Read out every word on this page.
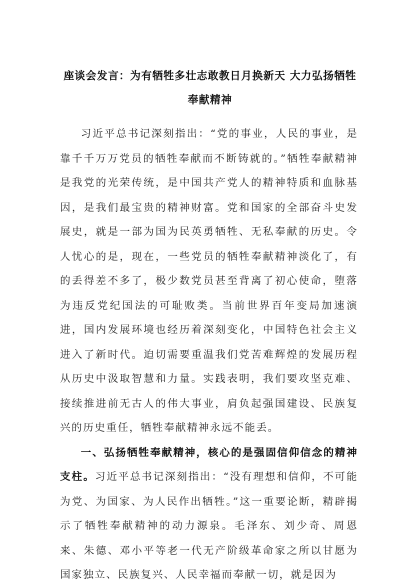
座谈会发言：为有牺牲多壮志敢教日月换新天 大力弘扬牺牲奉献精神

习近平总书记深刻指出：“党的事业，人民的事业，是靠千千万万党员的牺牲奉献而不断铸就的。”牺牲奉献精神是我党的光荣传统，是中国共产党人的精神特质和血脉基因，是我们最宝贵的精神财富。党和国家的全部奋斗史发展史，就是一部为国为民英勇牺牲、无私奉献的历史。令人忧心的是，现在，一些党员的牺牲奉献精神淡化了，有的丢得差不多了，极少数党员甚至背离了初心使命，堕落为违反党纪国法的可耻败类。当前世界百年变局加速演进，国内发展环境也经历着深刻变化，中国特色社会主义进入了新时代。迫切需要重温我们党苦难辉煌的发展历程从历史中汲取智慧和力量。实践表明，我们要攻坚克难、接续推进前无古人的伟大事业，肩负起强国建设、民族复兴的历史重任，牺牲奉献精神永远不能丢。

一、弘扬牺牲奉献精神，核心的是强固信仰信念的精神支柱。习近平总书记深刻指出：“没有理想和信仰，不可能为党、为国家、为人民作出牺牲。”这一重要论断，精辟揭示了牺牲奉献精神的动力源泉。毛泽东、刘少奇、周恩来、朱德、邓小平等老一代无产阶级革命家之所以甘愿为国家独立、民族复兴、人民幸福而奉献一切，就是因为
